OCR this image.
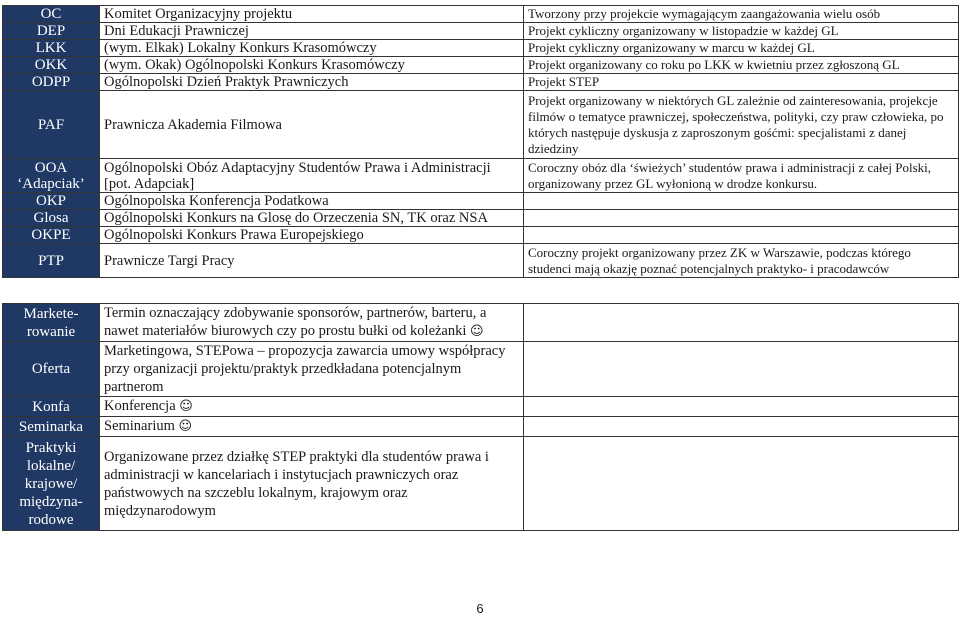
OC	Komitet Organizacyjny projektu	Tworzony przy projekcie wymagającym zaangażowania wielu osób
DEP	Dni Edukacji Prawniczej	Projekt cykliczny organizowany w listopadzie w każdej GL
LKK	(wym. Elkak) Lokalny Konkurs Krasomówczy	Projekt cykliczny organizowany w marcu w każdej GL
OKK	(wym. Okak) Ogólnopolski Konkurs Krasomówczy	Projekt organizowany co roku po LKK w kwietniu przez zgłoszoną GL
ODPP	Ogólnopolski Dzień Praktyk Prawniczych	Projekt STEP
PAF	Prawnicza Akademia Filmowa	Projekt organizowany w niektórych GL zależnie od zainteresowania, projekcje filmów o tematyce prawniczej, społeczeństwa, polityki, czy praw człowieka, po których następuje dyskusja z zaproszonym gośćmi: specjalistami z danej dziedziny
OOA ‘Adapciak’	Ogólnopolski Obóz Adaptacyjny Studentów Prawa i Administracji [pot. Adapciak]	Coroczny obóz dla ‘świeżych’ studentów prawa i administracji z całej Polski, organizowany przez GL wyłonioną w drodze konkursu.
OKP	Ogólnopolska Konferencja Podatkowa	
Glosa	Ogólnopolski Konkurs na Glosę do Orzeczenia SN, TK oraz NSA	
OKPE	Ogólnopolski Konkurs Prawa Europejskiego	
PTP	Prawnicze Targi Pracy	Coroczny projekt organizowany przez ZK w Warszawie, podczas którego studenci mają okazję poznać potencjalnych praktyko- i pracodawców
Markete-
rowanie	Termin oznaczający zdobywanie sponsorów, partnerów, barteru, a nawet materiałów biurowych czy po prostu bułki od koleżanki ☺	
Oferta	Marketingowa, STEPowa – propozycja zawarcia umowy współpracy przy organizacji projektu/praktyk przedkładana potencjalnym partnerom	
Konfa	Konferencja ☺	
Seminarka	Seminarium ☺	
Praktyki
lokalne/
krajowe/
międzyna-
rodowe	Organizowane przez działkę STEP praktyki dla studentów prawa i administracji w kancelariach i instytucjach prawniczych oraz państwowych na szczeblu lokalnym, krajowym oraz międzynarodowym	
6
